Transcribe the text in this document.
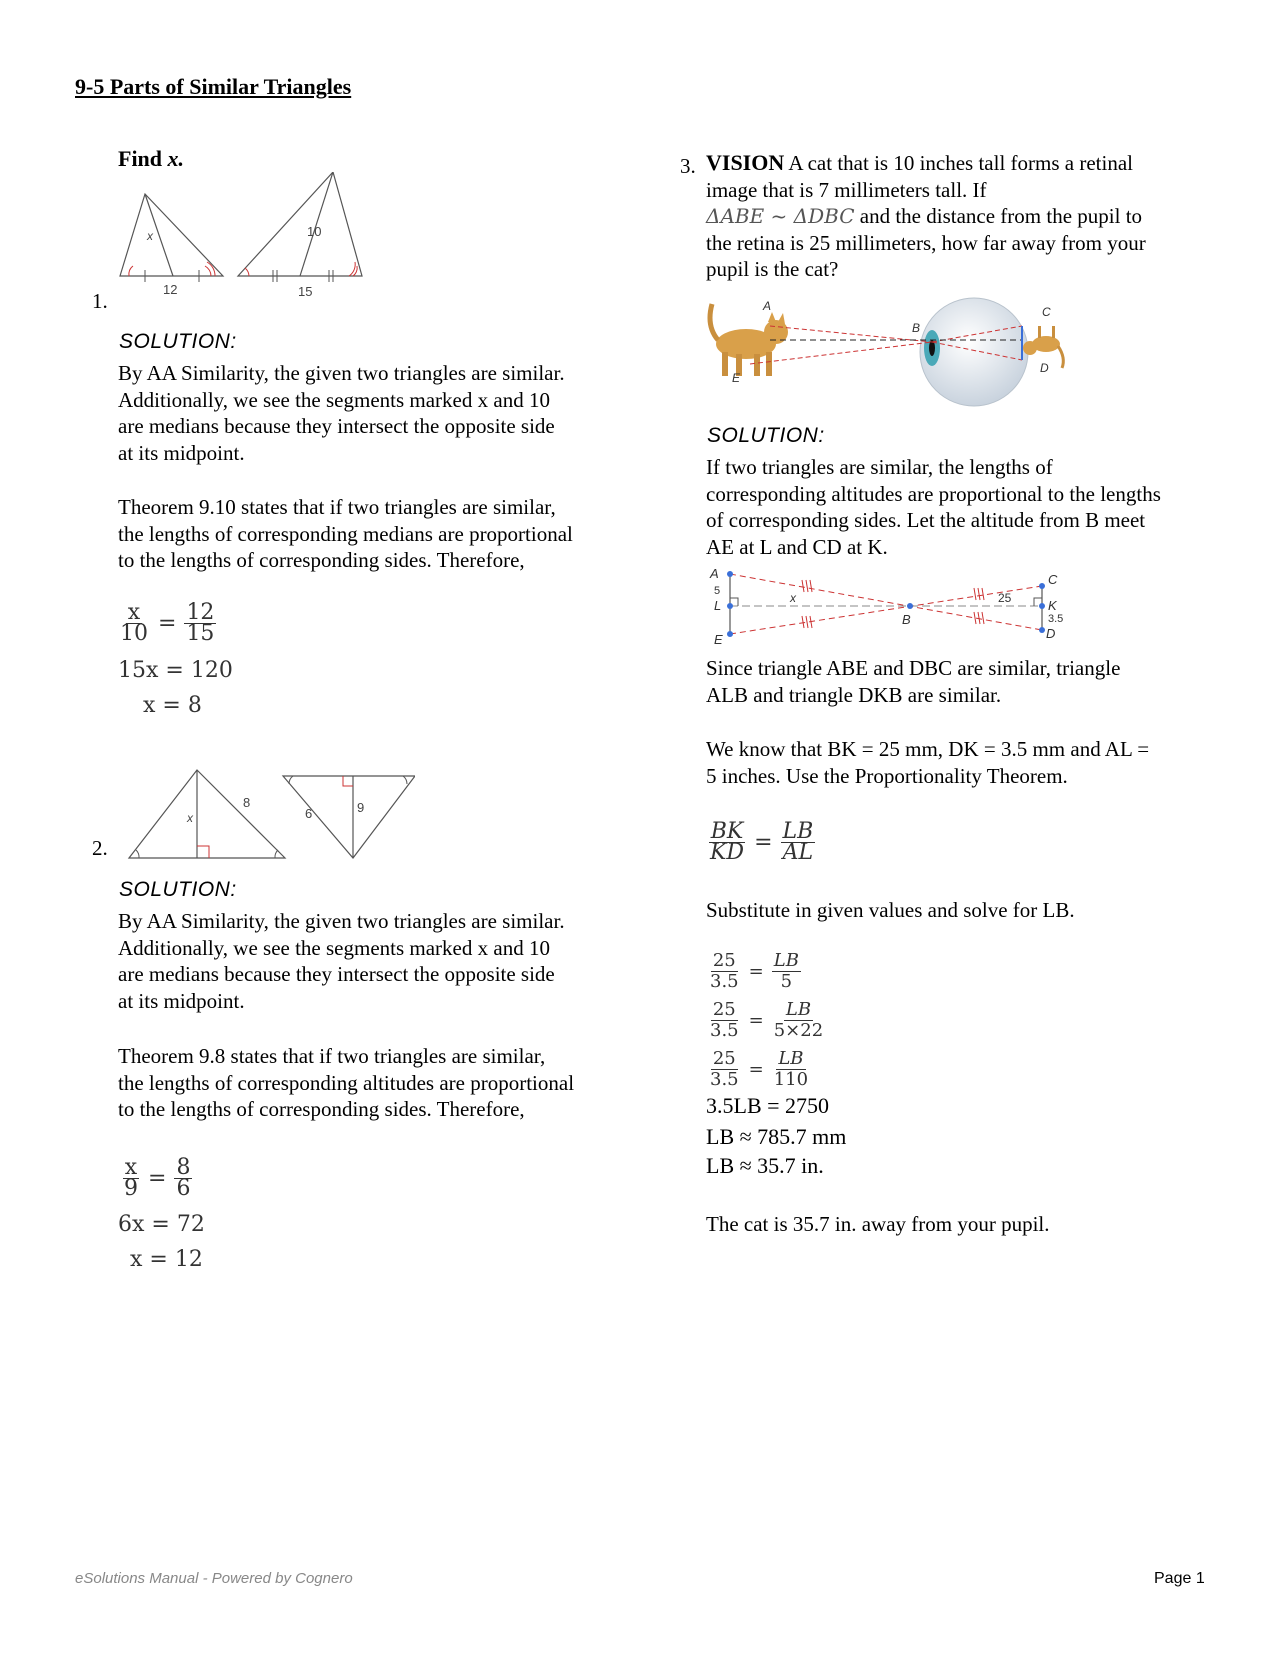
9-5 Parts of Similar Triangles
Find x.
x
12
10
15
1.
SOLUTION:
By AA Similarity, the given two triangles are similar.
Additionally, we see the segments marked x and 10
are medians because they intersect the opposite side
at its midpoint.
Theorem 9.10 states that if two triangles are similar,
the lengths of corresponding medians are proportional
to the lengths of corresponding sides. Therefore,
$\frac{x}{10} = \frac{12}{15}$
15x = 120
x = 8
x
8
6	9
2.
SOLUTION:
By AA Similarity, the given two triangles are similar.
Additionally, we see the segments marked x and 10
are medians because they intersect the opposite side
at its midpoint.
Theorem 9.8 states that if two triangles are similar,
the lengths of corresponding altitudes are proportional
to the lengths of corresponding sides. Therefore,
$\frac{x}{9} = \frac{8}{6}$
6x = 72
x = 12
3. VISION A cat that is 10 inches tall forms a retinal
image that is 7 millimeters tall. If
ΔABE ~ ΔDBC and the distance from the pupil to
the retina is 25 millimeters, how far away from your
pupil is the cat?
A
E
B
C
D
SOLUTION:
If two triangles are similar, the lengths of
corresponding altitudes are proportional to the lengths
of corresponding sides. Let the altitude from B meet
AE at L and CD at K.
A
5
L
E
x
B
25
C
K
3.5
D
Since triangle ABE and DBC are similar, triangle
ALB and triangle DKB are similar.
We know that BK = 25 mm, DK = 3.5 mm and AL =
5 inches. Use the Proportionality Theorem.
$\frac{BK}{KD} = \frac{LB}{AL}$
Substitute in given values and solve for LB.
$\frac{25}{3.5} = \frac{LB}{5}$
$\frac{25}{3.5} = \frac{LB}{5\times 22}$
$\frac{25}{3.5} = \frac{LB}{110}$
3.5LB = 2750
LB ≈ 785.7 mm
LB ≈ 35.7 in.
The cat is 35.7 in. away from your pupil.
eSolutions Manual - Powered by Cognero	Page 1
